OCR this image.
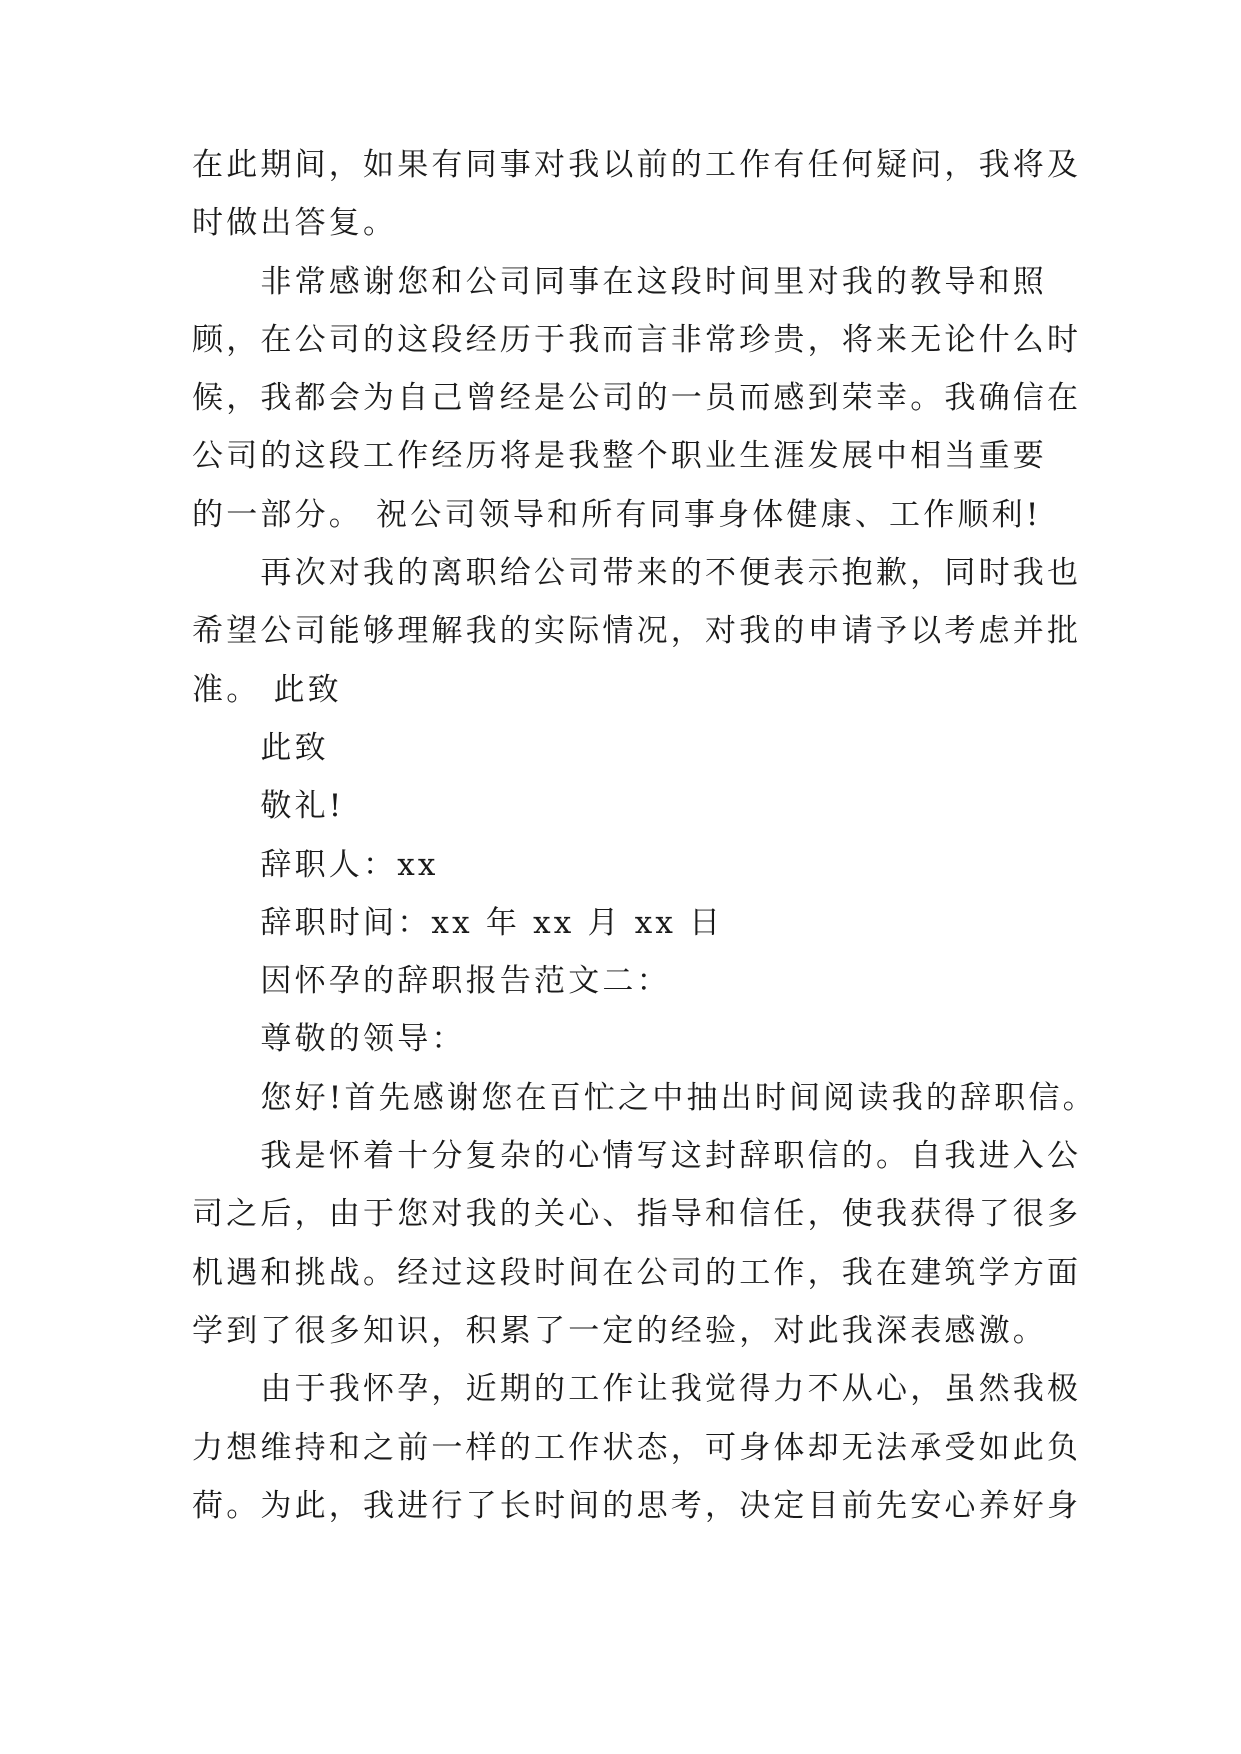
在此期间，如果有同事对我以前的工作有任何疑问，我将及
时做出答复。
　　非常感谢您和公司同事在这段时间里对我的教导和照
顾，在公司的这段经历于我而言非常珍贵，将来无论什么时
候，我都会为自己曾经是公司的一员而感到荣幸。我确信在
公司的这段工作经历将是我整个职业生涯发展中相当重要
的一部分。 祝公司领导和所有同事身体健康、工作顺利!
　　再次对我的离职给公司带来的不便表示抱歉，同时我也
希望公司能够理解我的实际情况，对我的申请予以考虑并批
准。 此致
　　此致
　　敬礼!
　　辞职人：xx
　　辞职时间：xx 年 xx 月 xx 日
　　因怀孕的辞职报告范文二：
　　尊敬的领导：
　　您好!首先感谢您在百忙之中抽出时间阅读我的辞职信。
　　我是怀着十分复杂的心情写这封辞职信的。自我进入公
司之后，由于您对我的关心、指导和信任，使我获得了很多
机遇和挑战。经过这段时间在公司的工作，我在建筑学方面
学到了很多知识，积累了一定的经验，对此我深表感激。
　　由于我怀孕，近期的工作让我觉得力不从心，虽然我极
力想维持和之前一样的工作状态，可身体却无法承受如此负
荷。为此，我进行了长时间的思考，决定目前先安心养好身
